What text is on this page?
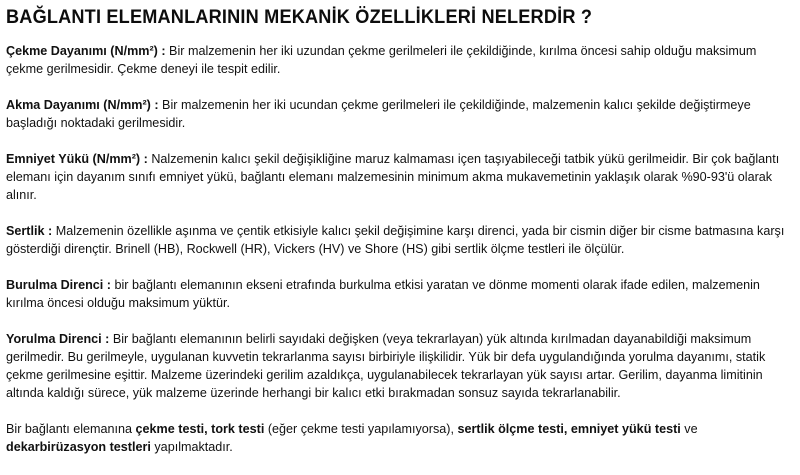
BAĞLANTI ELEMANLARININ MEKANİK ÖZELLİKLERİ NELERDİR ?

Çekme Dayanımı (N/mm²) : Bir malzemenin her iki uzundan çekme gerilmeleri ile çekildiğinde, kırılma öncesi sahip olduğu maksimum çekme gerilmesidir. Çekme deneyi ile tespit edilir.

Akma Dayanımı (N/mm²) : Bir malzemenin her iki ucundan çekme gerilmeleri ile çekildiğinde, malzemenin kalıcı şekilde değiştirmeye başladığı noktadaki gerilmesidir.

Emniyet Yükü (N/mm²) : Nalzemenin kalıcı şekil değişikliğine maruz kalmaması içen taşıyabileceği tatbik yükü gerilmeidir. Bir çok bağlantı elemanı için dayanım sınıfı emniyet yükü, bağlantı elemanı malzemesinin minimum akma mukavemetinin yaklaşık olarak %90-93'ü olarak alınır.

Sertlik : Malzemenin özellikle aşınma ve çentik etkisiyle kalıcı şekil değişimine karşı direnci, yada bir cismin diğer bir cisme batmasına karşı gösterdiği dirençtir. Brinell (HB), Rockwell (HR), Vickers (HV) ve Shore (HS) gibi sertlik ölçme testleri ile ölçülür.

Burulma Direnci : bir bağlantı elemanının ekseni etrafında burkulma etkisi yaratan ve dönme momenti olarak ifade edilen, malzemenin kırılma öncesi olduğu maksimum yüktür.

Yorulma Direnci : Bir bağlantı elemanının belirli sayıdaki değişken (veya tekrarlayan) yük altında kırılmadan dayanabildiği maksimum gerilmedir. Bu gerilmeyle, uygulanan kuvvetin tekrarlanma sayısı birbiriyle ilişkilidir. Yük bir defa uygulandığında yorulma dayanımı, statik çekme gerilmesine eşittir. Malzeme üzerindeki gerilim azaldıkça, uygulanabilecek tekrarlayan yük sayısı artar. Gerilim, dayanma limitinin altında kaldığı sürece, yük malzeme üzerinde herhangi bir kalıcı etki bırakmadan sonsuz sayıda tekrarlanabilir.

Bir bağlantı elemanına çekme testi, tork testi (eğer çekme testi yapılamıyorsa), sertlik ölçme testi, emniyet yükü testi ve dekarbirüzasyon testleri yapılmaktadır.
